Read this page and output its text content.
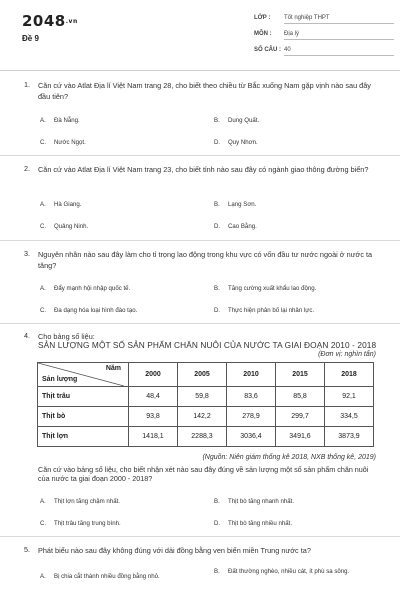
2048.vn
Đề 9
LỚP :	Tốt nghiệp THPT
MÔN :	Địa lý
SỐ CÂU : 40
1. Căn cứ vào Atlat Địa lí Việt Nam trang 28, cho biết theo chiều từ Bắc xuống Nam gặp vịnh nào sau đây đầu tiên?
A. Đà Nẵng.	B. Dung Quất.
C. Nước Ngọt.	D. Quy Nhơn.
2. Căn cứ vào Atlat Địa lí Việt Nam trang 23, cho biết tỉnh nào sau đây có ngành giao thông đường biển?
A. Hà Giang.	B. Lạng Sơn.
C. Quảng Ninh.	D. Cao Bằng.
3. Nguyên nhân nào sau đây làm cho tỉ trọng lao động trong khu vực có vốn đầu tư nước ngoài ở nước ta tăng?
A. Đẩy mạnh hội nhập quốc tế.	B. Tăng cường xuất khẩu lao động.
C. Đa dạng hóa loại hình đào tạo.	D. Thực hiện phân bố lại nhân lực.
4. Cho bảng số liệu:
SẢN LƯỢNG MỘT SỐ SẢN PHẨM CHĂN NUÔI CỦA NƯỚC TA GIAI ĐOẠN 2010 - 2018
(Đơn vị: nghìn tấn)
Năm
Sản lượng	2000	2005	2010	2015	2018
Thịt trâu	48,4	59,8	83,6	85,8	92,1
Thịt bò	93,8	142,2	278,9	299,7	334,5
Thịt lợn	1418,1	2288,3	3036,4	3491,6	3873,9
(Nguồn: Niên giám thống kê 2018, NXB thống kê, 2019)
Căn cứ vào bảng số liệu, cho biết nhận xét nào sau đây đúng về sản lượng một số sản phẩm chăn nuôi của nước ta giai đoạn 2000 - 2018?
A. Thịt lợn tăng chậm nhất.	B. Thịt bò tăng nhanh nhất.
C. Thịt trâu tăng trung bình.	D. Thịt bò tăng nhiều nhất.
5. Phát biểu nào sau đây không đúng với dải đồng bằng ven biển miền Trung nước ta?
A. Bị chia cắt thành nhiều đồng bằng nhỏ.
B. Đất thường nghèo, nhiều cát, ít phù sa sông.
